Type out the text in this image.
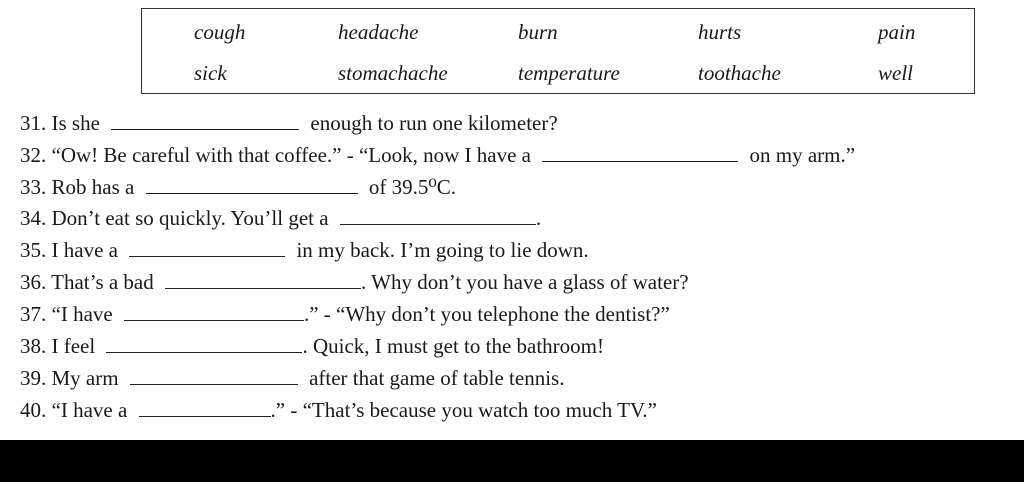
cough	headache	burn	hurts	pain
sick	stomachache	temperature	toothache	well
31. Is she	enough to run one kilometer?
32. “Ow! Be careful with that coffee.” - “Look, now I have a	on my arm.”
33. Rob has a	of 39.5⁰C.
34. Don’t eat so quickly. You’ll get a	.
35. I have a	in my back. I’m going to lie down.
36. That’s a bad	. Why don’t you have a glass of water?
37. “I have	.” - “Why don’t you telephone the dentist?”
38. I feel	. Quick, I must get to the bathroom!
39. My arm	after that game of table tennis.
40. “I have a	.” - “That’s because you watch too much TV.”
